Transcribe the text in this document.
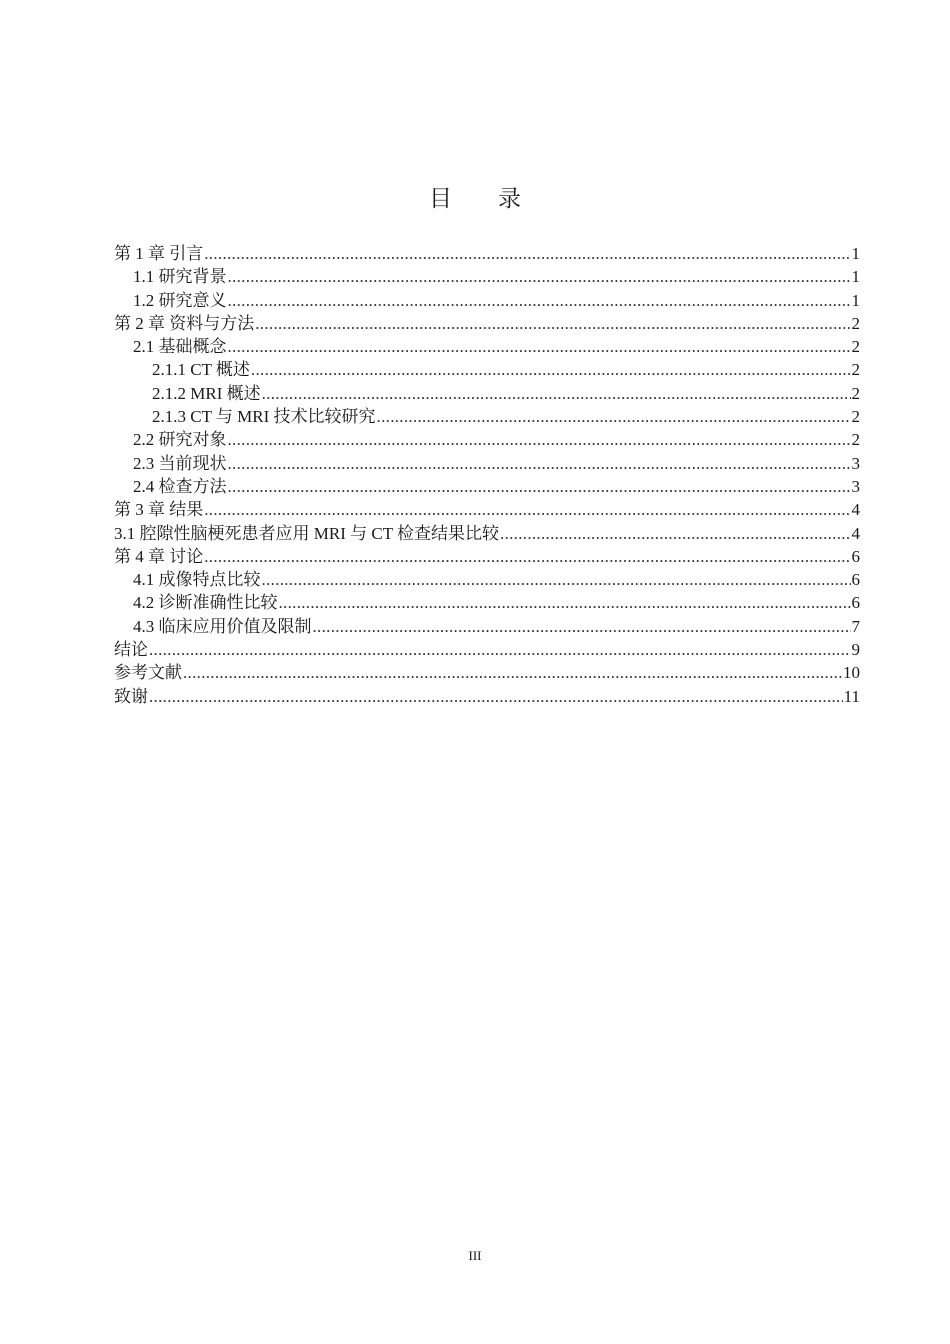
目 录
第 1 章 引言 .....	1
1.1 研究背景 .....	1
1.2 研究意义 .....	1
第 2 章 资料与方法 .....	2
2.1 基础概念 .....	2
2.1.1 CT 概述 .....	2
2.1.2 MRI 概述 .....	2
2.1.3 CT 与 MRI 技术比较研究 .....	2
2.2 研究对象 .....	2
2.3 当前现状 .....	3
2.4 检查方法 .....	3
第 3 章 结果 .....	4
3.1 腔隙性脑梗死患者应用 MRI 与 CT 检查结果比较 .....	4
第 4 章 讨论 .....	6
4.1 成像特点比较 .....	6
4.2 诊断准确性比较 .....	6
4.3 临床应用价值及限制 .....	7
结论 .....	9
参考文献 .....	10
致谢 .....	11
III
